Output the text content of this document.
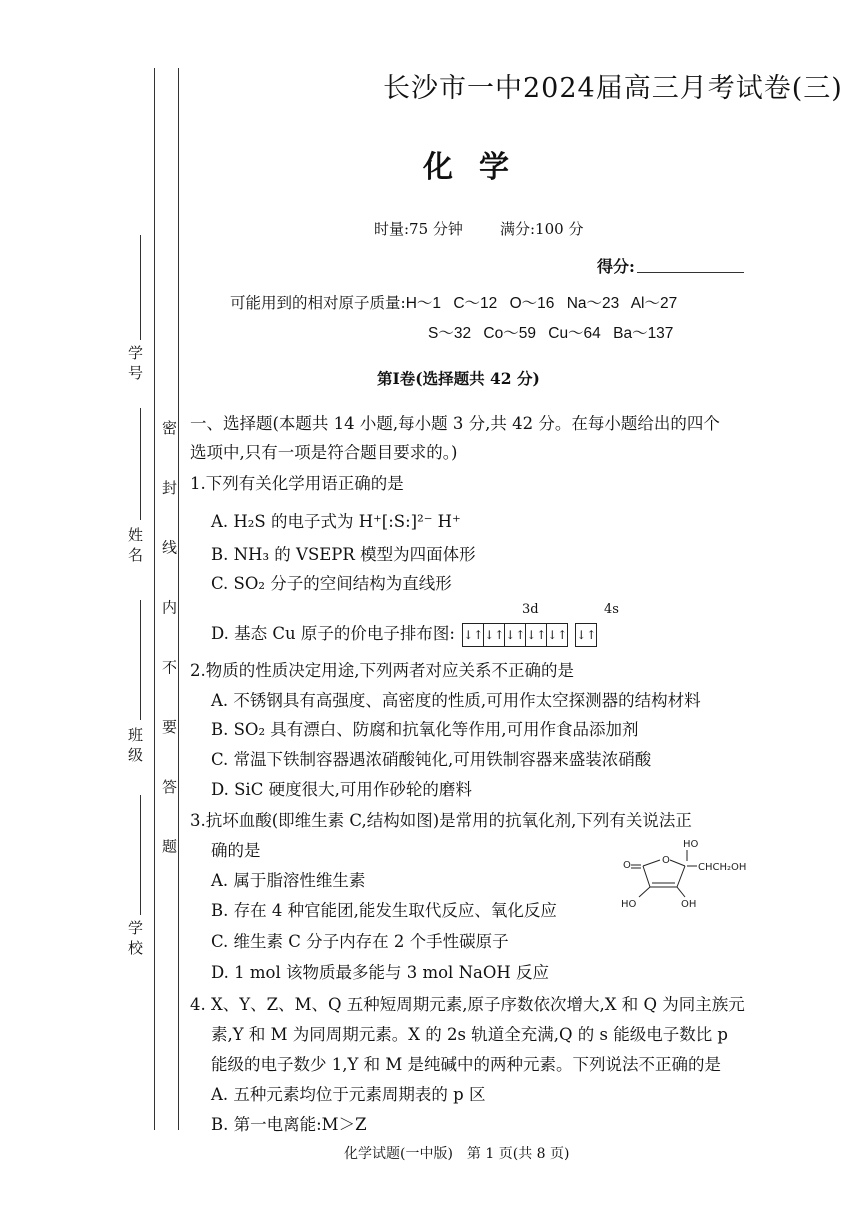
学 号
姓 名
班 级
学 校
密 封 线 内 不 要 答 题
长沙市一中2024届高三月考试卷(三)
化学
时量:75 分钟 满分:100 分
得分:
可能用到的相对原子质量:H～1 C～12 O～16 Na～23 Al～27
S～32 Co～59 Cu～64 Ba～137
第Ⅰ卷(选择题共 42 分)
一、选择题(本题共 14 小题,每小题 3 分,共 42 分。在每小题给出的四个
选项中,只有一项是符合题目要求的。)
1.下列有关化学用语正确的是
A. H₂S 的电子式为 H⁺[:S:]²⁻ H⁺
B. NH₃ 的 VSEPR 模型为四面体形
C. SO₂ 分子的空间结构为直线形
3d	4s
D. 基态 Cu 原子的价电子排布图: ↓↑ ↓↑ ↓↑ ↓↑ ↓↑ ↓↑
2.物质的性质决定用途,下列两者对应关系不正确的是
A. 不锈钢具有高强度、高密度的性质,可用作太空探测器的结构材料
B. SO₂ 具有漂白、防腐和抗氧化等作用,可用作食品添加剂
C. 常温下铁制容器遇浓硝酸钝化,可用铁制容器来盛装浓硝酸
D. SiC 硬度很大,可用作砂轮的磨料
3.抗坏血酸(即维生素 C,结构如图)是常用的抗氧化剂,下列有关说法正
确的是
A. 属于脂溶性维生素
B. 存在 4 种官能团,能发生取代反应、氧化反应
C. 维生素 C 分子内存在 2 个手性碳原子
D. 1 mol 该物质最多能与 3 mol NaOH 反应
HO
O	O
CHCH₂OH
HO	OH
4. X、Y、Z、M、Q 五种短周期元素,原子序数依次增大,X 和 Q 为同主族元
素,Y 和 M 为同周期元素。X 的 2s 轨道全充满,Q 的 s 能级电子数比 p
能级的电子数少 1,Y 和 M 是纯碱中的两种元素。下列说法不正确的是
A. 五种元素均位于元素周期表的 p 区
B. 第一电离能:M＞Z
化学试题(一中版)　第 1 页(共 8 页)
